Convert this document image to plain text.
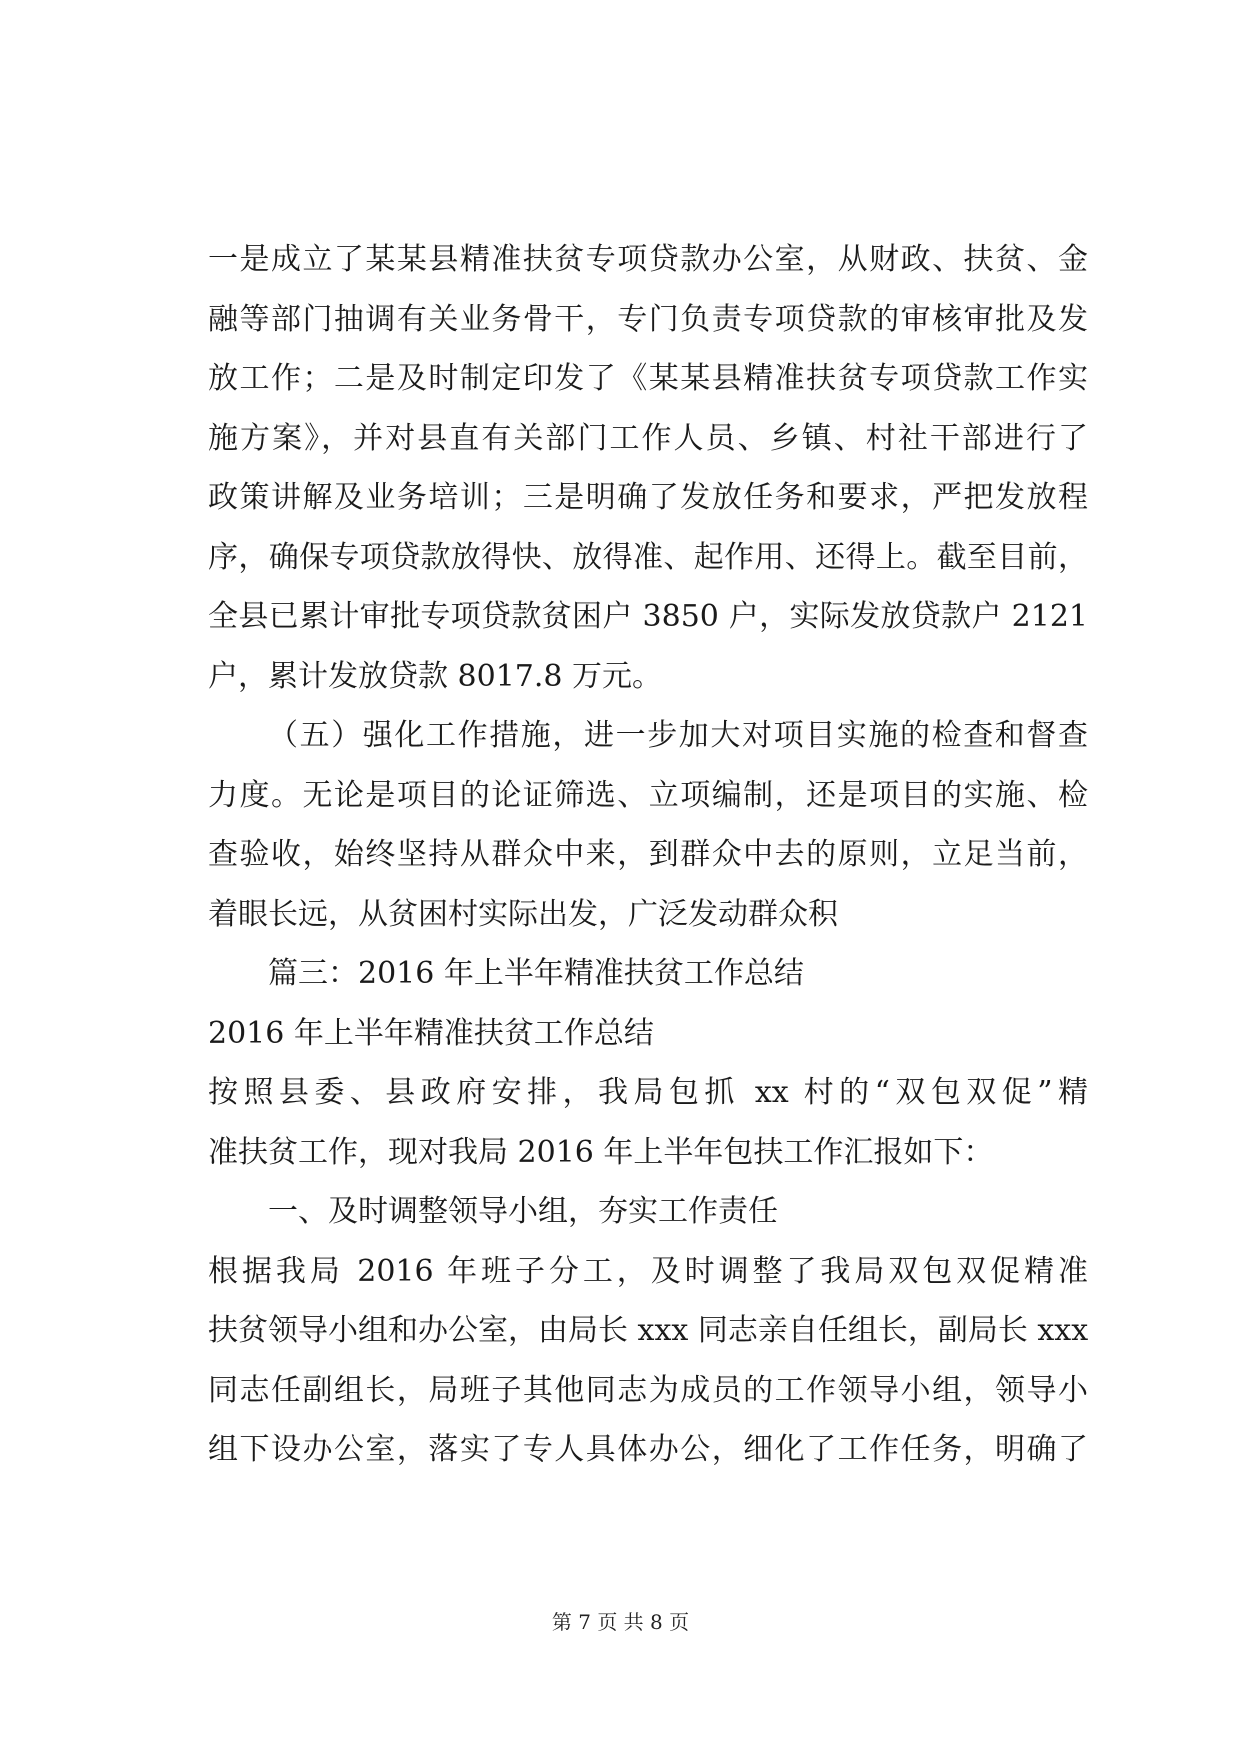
一是成立了某某县精准扶贫专项贷款办公室，从财政、扶贫、金
融等部门抽调有关业务骨干，专门负责专项贷款的审核审批及发
放工作；二是及时制定印发了《某某县精准扶贫专项贷款工作实
施方案》，并对县直有关部门工作人员、乡镇、村社干部进行了
政策讲解及业务培训；三是明确了发放任务和要求，严把发放程
序，确保专项贷款放得快、放得准、起作用、还得上。截至目前，
全县已累计审批专项贷款贫困户 3850 户，实际发放贷款户 2121
户，累计发放贷款 8017.8 万元。
（五）强化工作措施，进一步加大对项目实施的检查和督查
力度。无论是项目的论证筛选、立项编制，还是项目的实施、检
查验收，始终坚持从群众中来，到群众中去的原则，立足当前，
着眼长远，从贫困村实际出发，广泛发动群众积
篇三：2016 年上半年精准扶贫工作总结
2016 年上半年精准扶贫工作总结
按照县委、县政府安排，我局包抓 xx 村的“双包双促”精
准扶贫工作，现对我局 2016 年上半年包扶工作汇报如下：
一、及时调整领导小组，夯实工作责任
根据我局 2016 年班子分工，及时调整了我局双包双促精准
扶贫领导小组和办公室，由局长 xxx 同志亲自任组长，副局长 xxx
同志任副组长，局班子其他同志为成员的工作领导小组，领导小
组下设办公室，落实了专人具体办公，细化了工作任务，明确了
第 7 页 共 8 页
